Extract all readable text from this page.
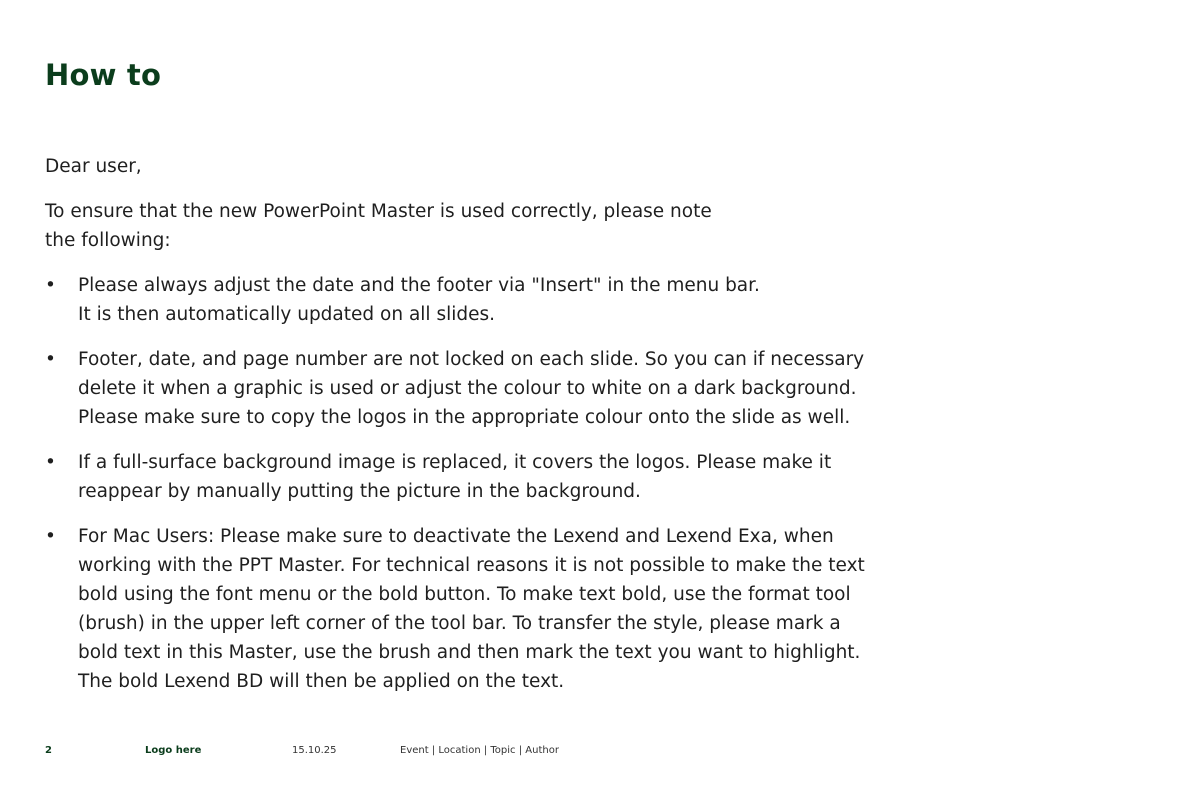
How to

Dear user,

To ensure that the new PowerPoint Master is used correctly, please note
the following:

• Please always adjust the date and the footer via "Insert" in the menu bar.
It is then automatically updated on all slides.
• Footer, date, and page number are not locked on each slide. So you can if necessary
delete it when a graphic is used or adjust the colour to white on a dark background.
Please make sure to copy the logos in the appropriate colour onto the slide as well.
• If a full-surface background image is replaced, it covers the logos. Please make it
reappear by manually putting the picture in the background.
• For Mac Users: Please make sure to deactivate the Lexend and Lexend Exa, when
working with the PPT Master. For technical reasons it is not possible to make the text
bold using the font menu or the bold button. To make text bold, use the format tool
(brush) in the upper left corner of the tool bar. To transfer the style, please mark a
bold text in this Master, use the brush and then mark the text you want to highlight.
The bold Lexend BD will then be applied on the text.
2	Logo here	15.10.25	Event | Location | Topic | Author
